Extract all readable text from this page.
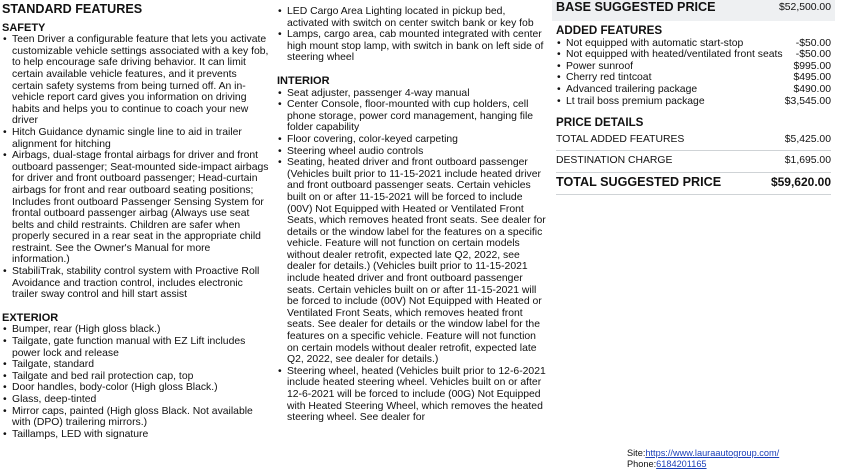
STANDARD FEATURES
SAFETY
• Teen Driver a configurable feature that lets you activate customizable vehicle settings associated with a key fob, to help encourage safe driving behavior. It can limit certain available vehicle features, and it prevents certain safety systems from being turned off. An in-vehicle report card gives you information on driving habits and helps you to continue to coach your new driver
• Hitch Guidance dynamic single line to aid in trailer alignment for hitching
• Airbags, dual-stage frontal airbags for driver and front outboard passenger; Seat-mounted side-impact airbags for driver and front outboard passenger; Head-curtain airbags for front and rear outboard seating positions; Includes front outboard Passenger Sensing System for frontal outboard passenger airbag (Always use seat belts and child restraints. Children are safer when properly secured in a rear seat in the appropriate child restraint. See the Owner's Manual for more information.)
• StabiliTrak, stability control system with Proactive Roll Avoidance and traction control, includes electronic trailer sway control and hill start assist
EXTERIOR
• Bumper, rear (High gloss black.)
• Tailgate, gate function manual with EZ Lift includes power lock and release
• Tailgate, standard
• Tailgate and bed rail protection cap, top
• Door handles, body-color (High gloss Black.)
• Glass, deep-tinted
• Mirror caps, painted (High gloss Black. Not available with (DPO) trailering mirrors.)
• Taillamps, LED with signature
• LED Cargo Area Lighting located in pickup bed, activated with switch on center switch bank or key fob
• Lamps, cargo area, cab mounted integrated with center high mount stop lamp, with switch in bank on left side of steering wheel
INTERIOR
• Seat adjuster, passenger 4-way manual
• Center Console, floor-mounted with cup holders, cell phone storage, power cord management, hanging file folder capability
• Floor covering, color-keyed carpeting
• Steering wheel audio controls
• Seating, heated driver and front outboard passenger (Vehicles built prior to 11-15-2021 include heated driver and front outboard passenger seats. Certain vehicles built on or after 11-15-2021 will be forced to include (00V) Not Equipped with Heated or Ventilated Front Seats, which removes heated front seats. See dealer for details or the window label for the features on a specific vehicle. Feature will not function on certain models without dealer retrofit, expected late Q2, 2022, see dealer for details.) (Vehicles built prior to 11-15-2021 include heated driver and front outboard passenger seats. Certain vehicles built on or after 11-15-2021 will be forced to include (00V) Not Equipped with Heated or Ventilated Front Seats, which removes heated front seats. See dealer for details or the window label for the features on a specific vehicle. Feature will not function on certain models without dealer retrofit, expected late Q2, 2022, see dealer for details.)
• Steering wheel, heated (Vehicles built prior to 12-6-2021 include heated steering wheel. Vehicles built on or after 12-6-2021 will be forced to include (00G) Not Equipped with Heated Steering Wheel, which removes the heated steering wheel. See dealer for
BASE SUGGESTED PRICE	$52,500.00
ADDED FEATURES
• Not equipped with automatic start-stop	-$50.00
• Not equipped with heated/ventilated front seats	-$50.00
• Power sunroof	$995.00
• Cherry red tintcoat	$495.00
• Advanced trailering package	$490.00
• Lt trail boss premium package	$3,545.00
PRICE DETAILS
TOTAL ADDED FEATURES	$5,425.00
DESTINATION CHARGE	$1,695.00
TOTAL SUGGESTED PRICE	$59,620.00
Site:https://www.lauraautogroup.com/
Phone:6184201165
